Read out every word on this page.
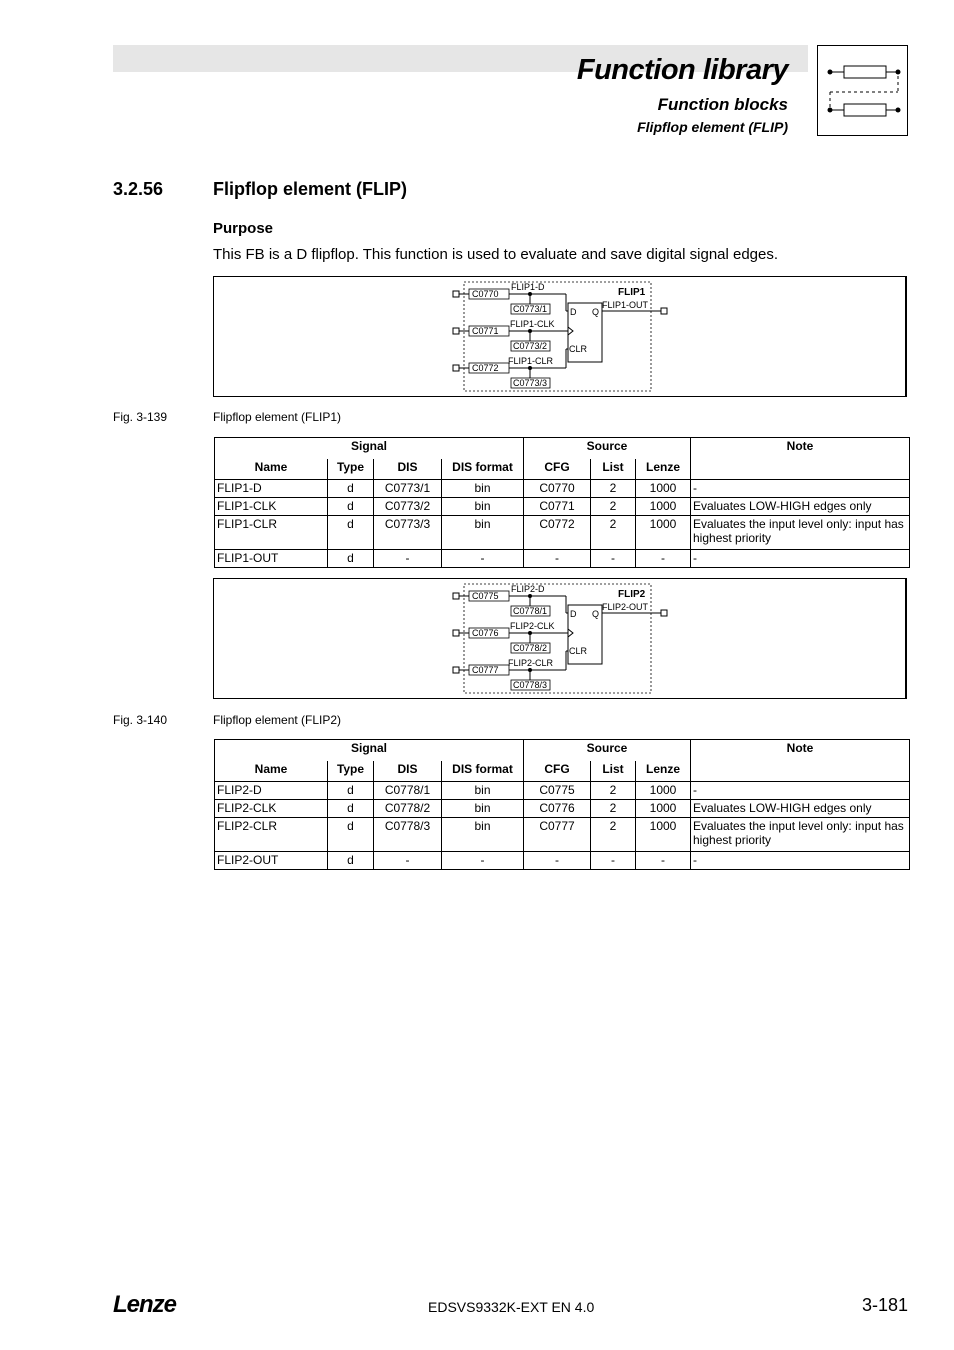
Function library
Function blocks
Flipflop element (FLIP)
3.2.56	Flipflop element (FLIP)
Purpose
This FB is a D flipflop. This function is used to evaluate and save digital signal edges.
C0770
FLIP1-D
C0773/1
C0771
FLIP1-CLK
C0773/2
C0772
FLIP1-CLR
C0773/3
D Q
CLR
FLIP1-OUT
FLIP1
Fig. 3-139	Flipflop element (FLIP1)
Signal				Source			Note
Name	Type	DIS	DIS format	CFG	List	Lenze	
FLIP1-D	d	C0773/1	bin	C0770	2	1000	-
FLIP1-CLK	d	C0773/2	bin	C0771	2	1000	Evaluates LOW-HIGH edges only
FLIP1-CLR	d	C0773/3	bin	C0772	2	1000	Evaluates the input level only: input has highest priority
FLIP1-OUT	d	-	-	-	-	-	-
C0775
FLIP2-D
C0778/1
C0776
FLIP2-CLK
C0778/2
C0777
FLIP2-CLR
C0778/3
D Q
CLR
FLIP2-OUT
FLIP2
Fig. 3-140	Flipflop element (FLIP2)
Signal				Source			Note
Name	Type	DIS	DIS format	CFG	List	Lenze	
FLIP2-D	d	C0778/1	bin	C0775	2	1000	-
FLIP2-CLK	d	C0778/2	bin	C0776	2	1000	Evaluates LOW-HIGH edges only
FLIP2-CLR	d	C0778/3	bin	C0777	2	1000	Evaluates the input level only: input has highest priority
FLIP2-OUT	d	-	-	-	-	-	-
Lenze	EDSVS9332K-EXT EN 4.0	3-181
